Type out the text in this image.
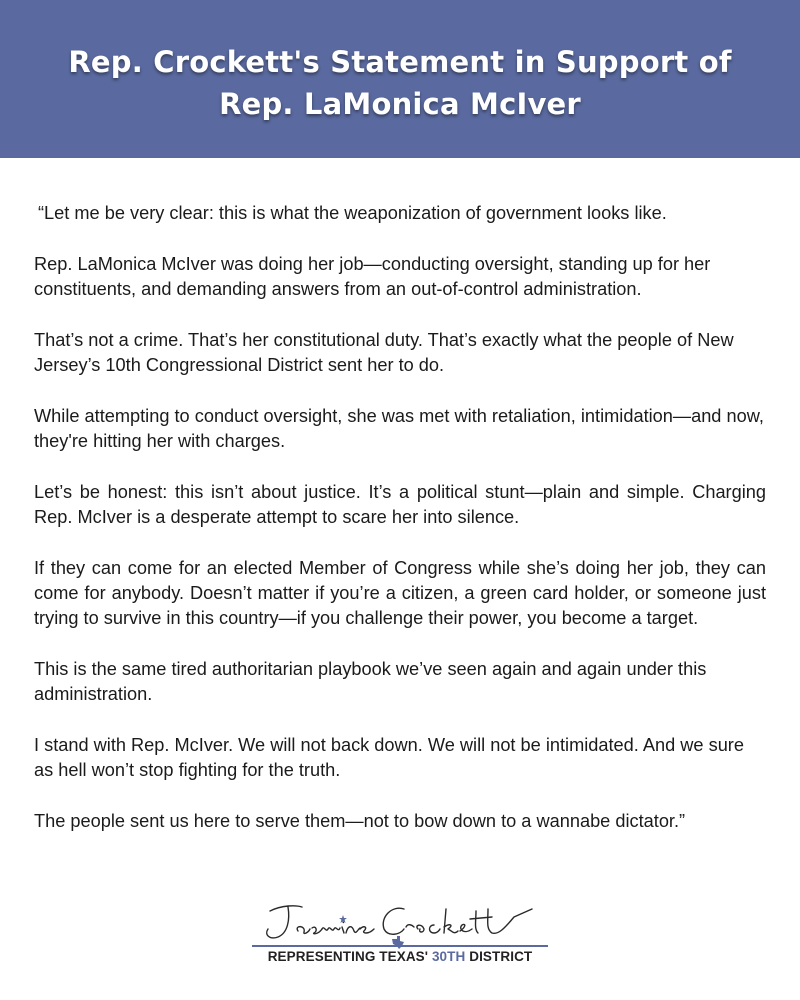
Rep. Crockett's Statement in Support of
Rep. LaMonica McIver

“Let me be very clear: this is what the weaponization of government looks like.

Rep. LaMonica McIver was doing her job—conducting oversight, standing up for her constituents, and demanding answers from an out-of-control administration.

That’s not a crime. That’s her constitutional duty. That’s exactly what the people of New Jersey’s 10th Congressional District sent her to do.

While attempting to conduct oversight, she was met with retaliation, intimidation—and now, they're hitting her with charges.

Let’s be honest: this isn’t about justice. It’s a political stunt—plain and simple. Charging Rep. McIver is a desperate attempt to scare her into silence.

If they can come for an elected Member of Congress while she’s doing her job, they can come for anybody. Doesn’t matter if you’re a citizen, a green card holder, or someone just trying to survive in this country—if you challenge their power, you become a target.

This is the same tired authoritarian playbook we’ve seen again and again under this administration.

I stand with Rep. McIver. We will not back down. We will not be intimidated. And we sure as hell won’t stop fighting for the truth.

The people sent us here to serve them—not to bow down to a wannabe dictator.”

REPRESENTING TEXAS' 30TH DISTRICT
